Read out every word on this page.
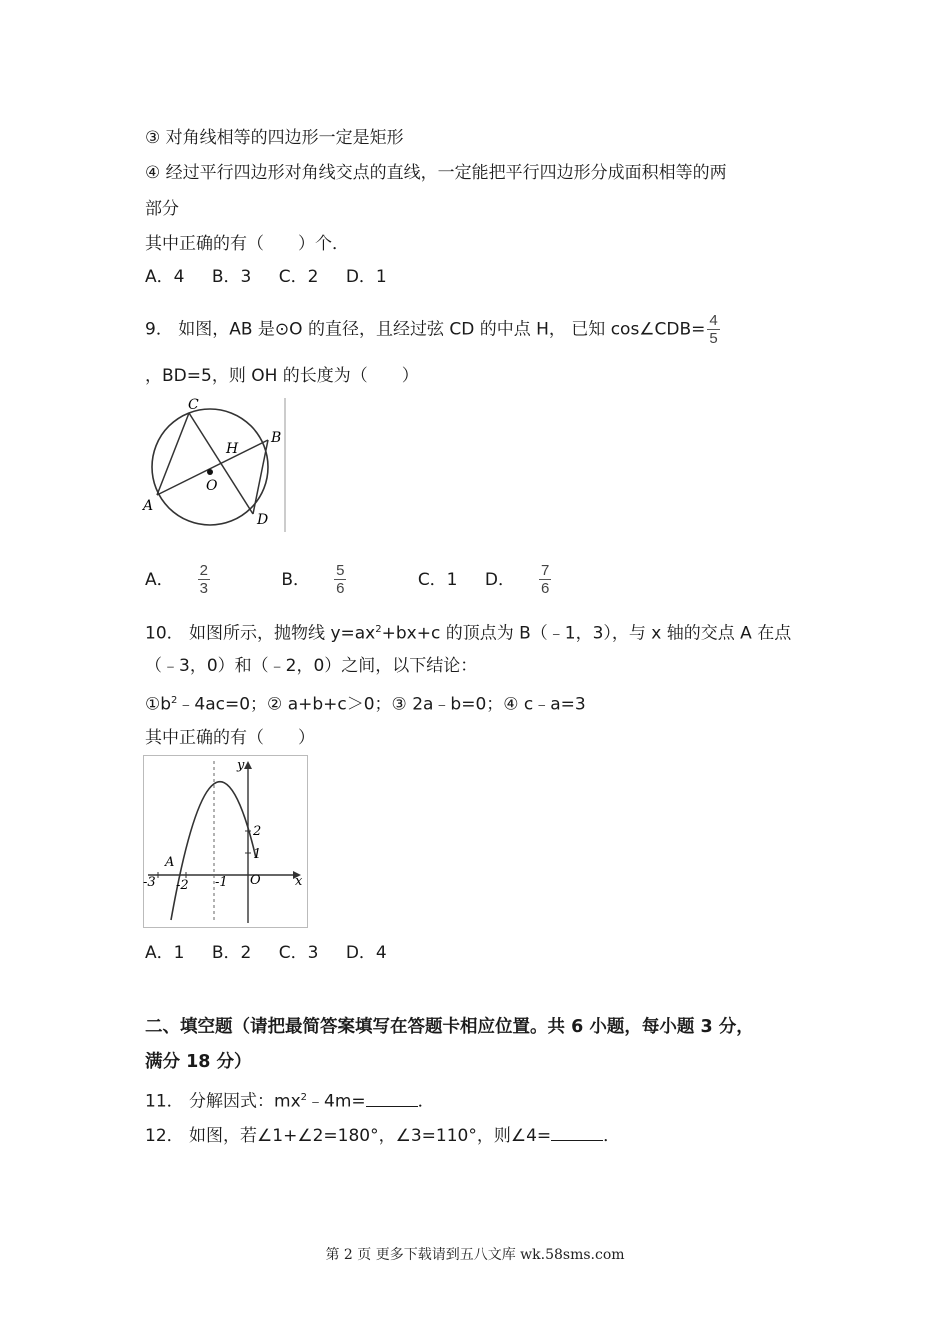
③ 对角线相等的四边形一定是矩形
④ 经过平行四边形对角线交点的直线，一定能把平行四边形分成面积相等的两
部分
其中正确的有（　　）个．
A．4 B．3 C．2 D．1
9． 如图，AB 是⊙O 的直径，且经过弦 CD 的中点 H， 已知 cos∠CDB= $\frac{4}{5}$
，BD=5，则 OH 的长度为（　　）
C
B
H
O
A
D
A． $\frac{2}{3}$	B． $\frac{5}{6}$	C．1 D． $\frac{7}{6}$
10． 如图所示，抛物线 $y=ax^2+bx+c$ 的顶点为 B（﹣1，3），与 x 轴的交点 A 在点
（﹣3，0）和（﹣2，0）之间，以下结论：
$①b^2﹣4ac=0$；② a+b+c＞0；③ 2a﹣b=0；④ c﹣a=3
其中正确的有（　　）
y
x
A
O
2
1
-3 -2 -1
A．1 B．2 C．3 D．4
二、填空题（请把最简答案填写在答题卡相应位置。共 6 小题，每小题 3 分，
满分 18 分）
11． 分解因式：$mx^2﹣4m=$	．
12． 如图，若∠1+∠2=180°，∠3=110°，则∠4=	．
第 2 页 更多下载请到五八文库 wk.58sms.com
